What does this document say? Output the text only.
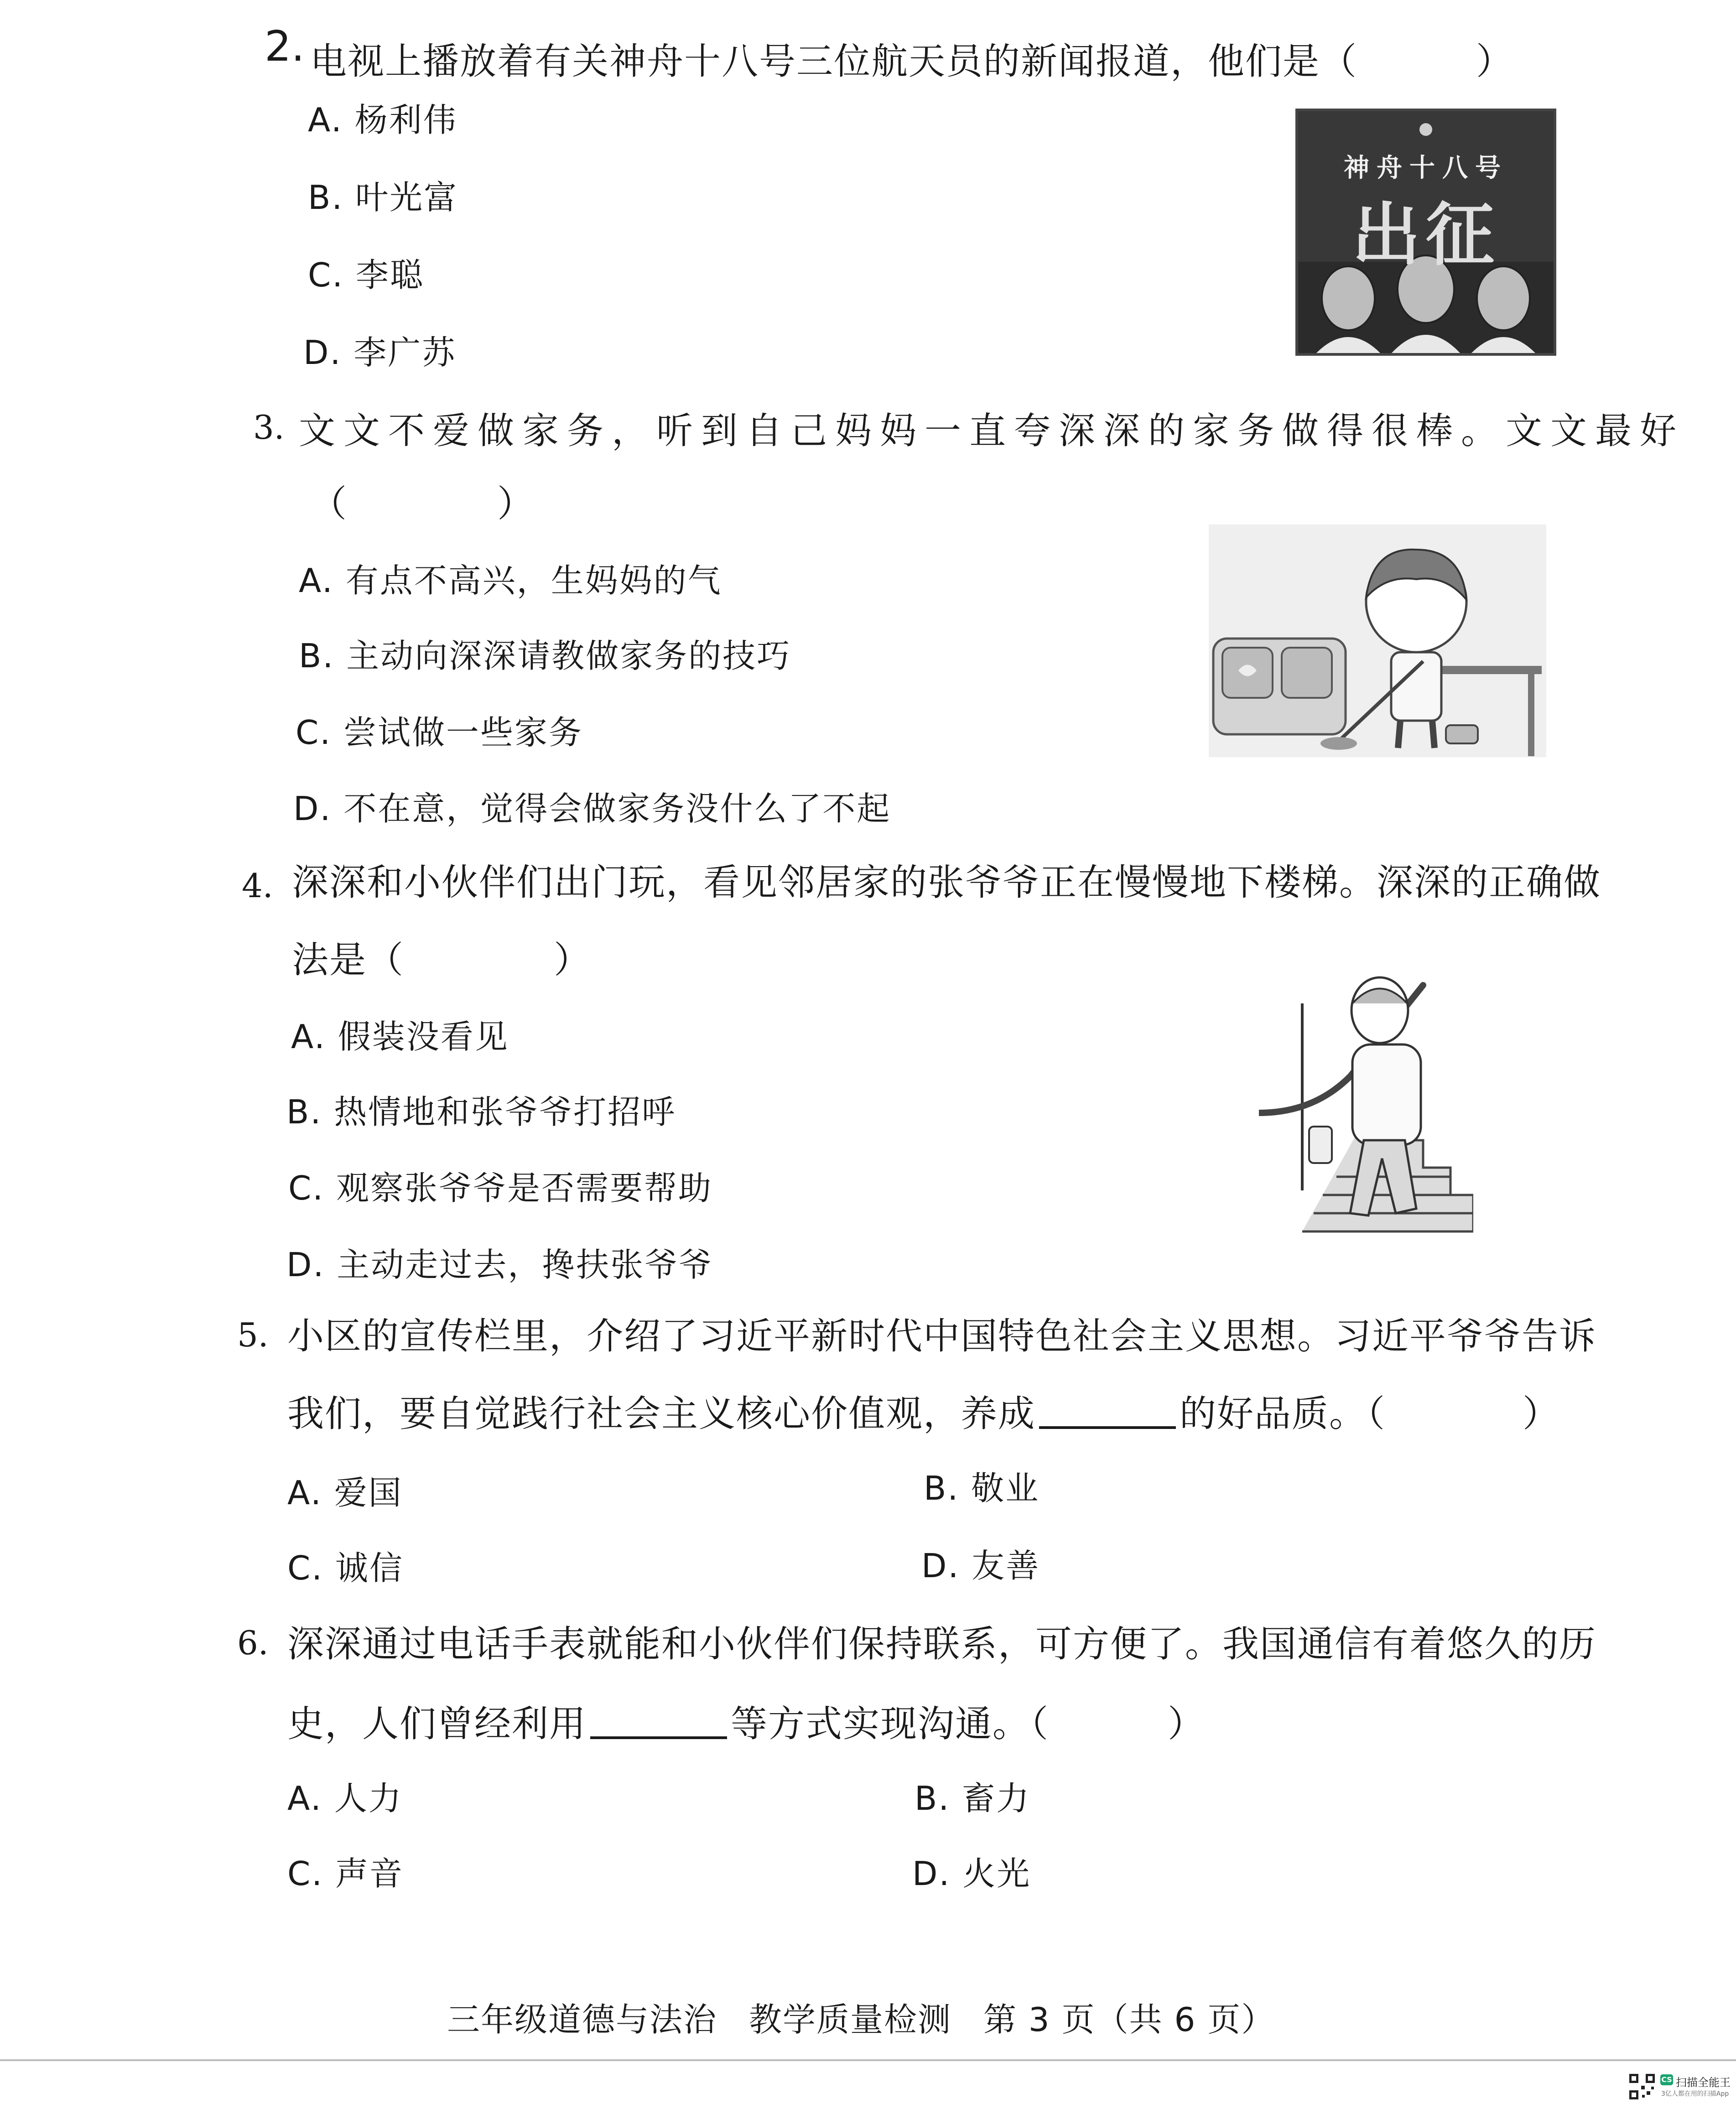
2. 电视上播放着有关神舟十八号三位航天员的新闻报道，他们是（	）
A. 杨利伟
B. 叶光富
C. 李聪
D. 李广苏
神舟十八号
出征
3. 文文不爱做家务，听到自己妈妈一直夸深深的家务做得很棒。文文最好
（　　　　）
A. 有点不高兴，生妈妈的气
B. 主动向深深请教做家务的技巧
C. 尝试做一些家务
D. 不在意，觉得会做家务没什么了不起
4. 深深和小伙伴们出门玩，看见邻居家的张爷爷正在慢慢地下楼梯。深深的正确做
法是（　　　　）
A. 假装没看见
B. 热情地和张爷爷打招呼
C. 观察张爷爷是否需要帮助
D. 主动走过去，搀扶张爷爷
5. 小区的宣传栏里，介绍了习近平新时代中国特色社会主义思想。习近平爷爷告诉
我们，要自觉践行社会主义核心价值观，养成	的好品质。（	）
A. 爱国	B. 敬业
C. 诚信	D. 友善
6. 深深通过电话手表就能和小伙伴们保持联系，可方便了。我国通信有着悠久的历
史，人们曾经利用	等方式实现沟通。（	）
A. 人力	B. 畜力
C. 声音	D. 火光
三年级道德与法治 教学质量检测 第 3 页（共 6 页）
CS 扫描全能王
3亿人都在用的扫描App
